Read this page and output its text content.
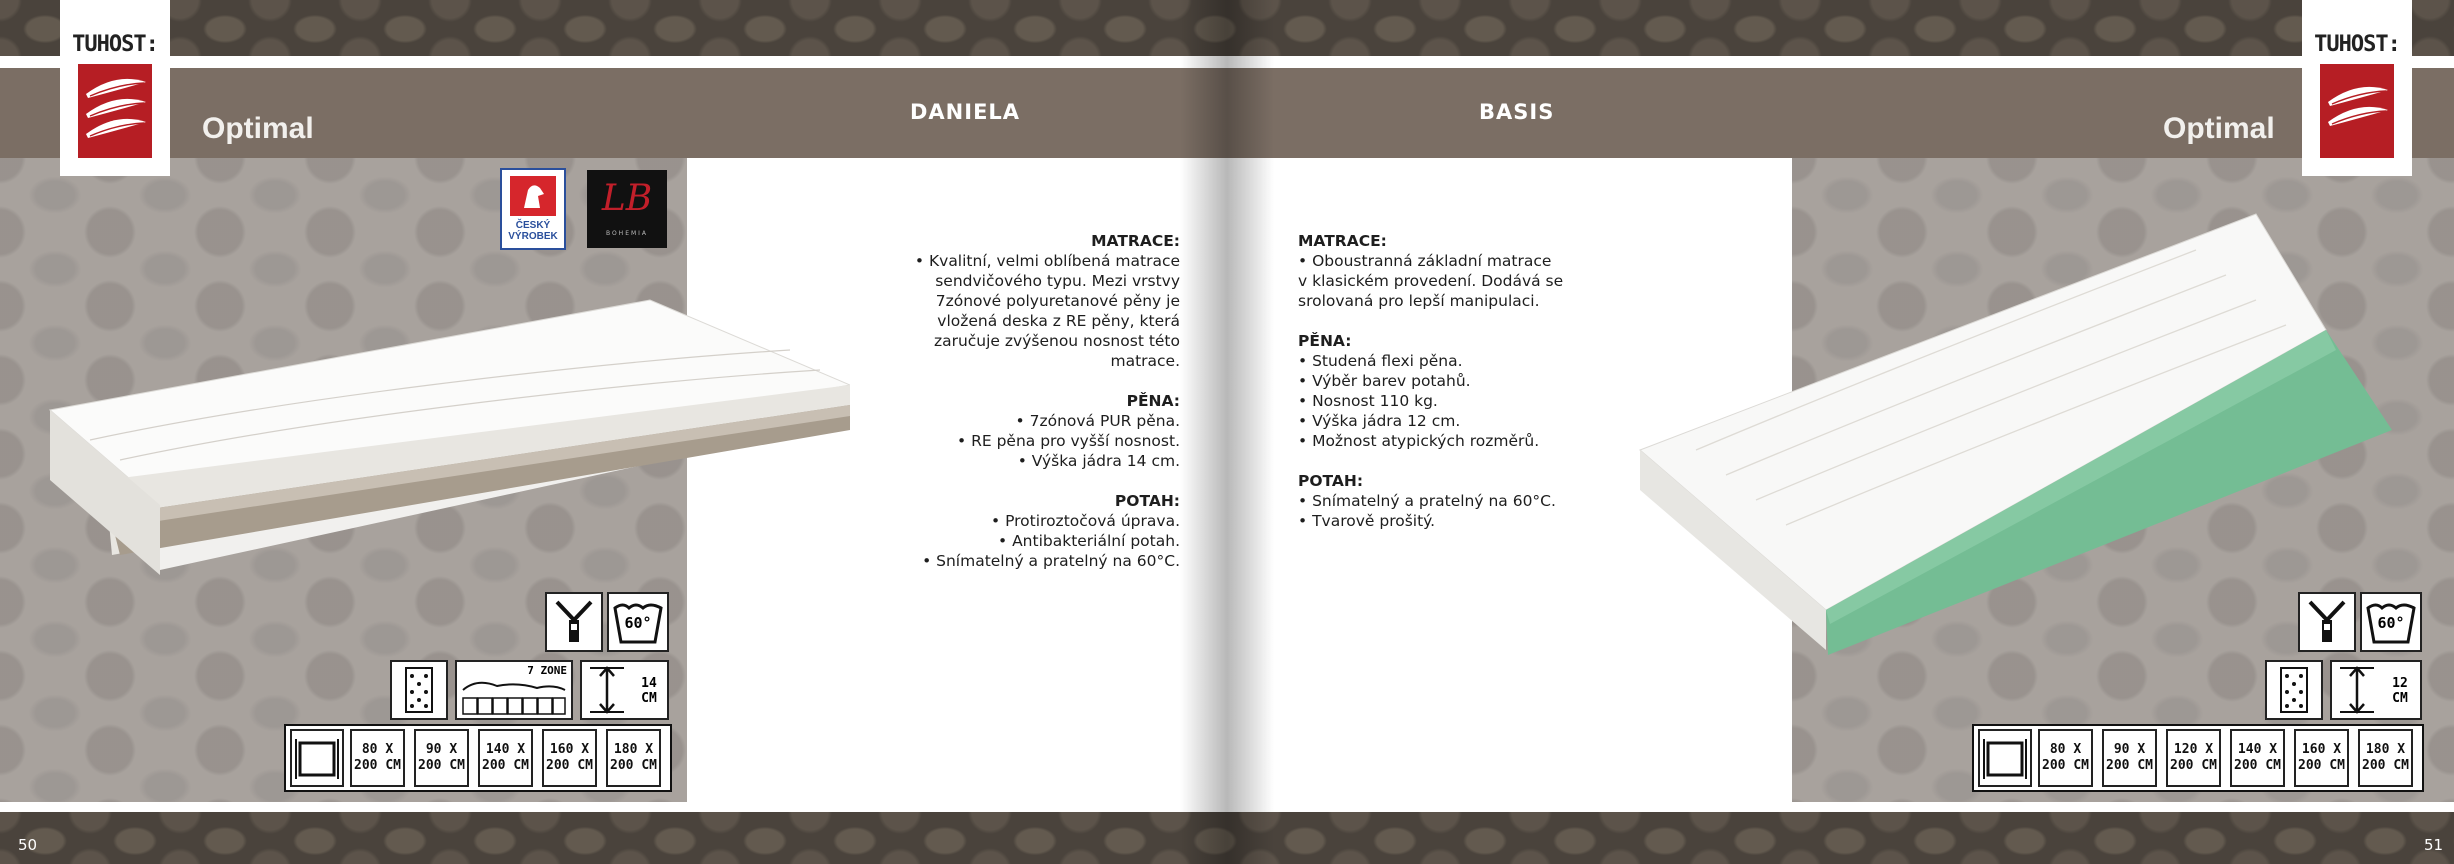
TUHOST:
Optimal	DANIELA	BASIS	Optimal
TUHOST:
ČESKÝ
VÝROBEK
LB
BOHEMIA	MATRACE:

• Kvalitní, velmi oblíbená matrace

sendvičového typu. Mezi vrstvy

7zónové polyuretanové pěny je

vložená deska z RE pěny, která

zaručuje zvýšenou nosnost této

matrace.

PĚNA:

• 7zónová PUR pěna.

• RE pěna pro vyšší nosnost.

• Výška jádra 14 cm.

POTAH:

• Protiroztočová úprava.

• Antibakteriální potah.

• Snímatelný a pratelný na 60°C.

MATRACE:

• Oboustranná základní matrace

v klasickém provedení. Dodává se

srolovaná pro lepší manipulaci.

PĚNA:

• Studená flexi pěna.

• Výběr barev potahů.

• Nosnost 110 kg.

• Výška jádra 12 cm.

• Možnost atypických rozměrů.

POTAH:

• Snímatelný a pratelný na 60°C.

• Tvarově prošitý.

60°
7 ZONE
14
CM
80 X
200 CM
90 X
200 CM
140 X
200 CM
160 X
200 CM
180 X
200 CM
60°
12
CM
80 X
200 CM
90 X
200 CM
120 X
200 CM
140 X
200 CM
160 X
200 CM
180 X
200 CM
50	51
